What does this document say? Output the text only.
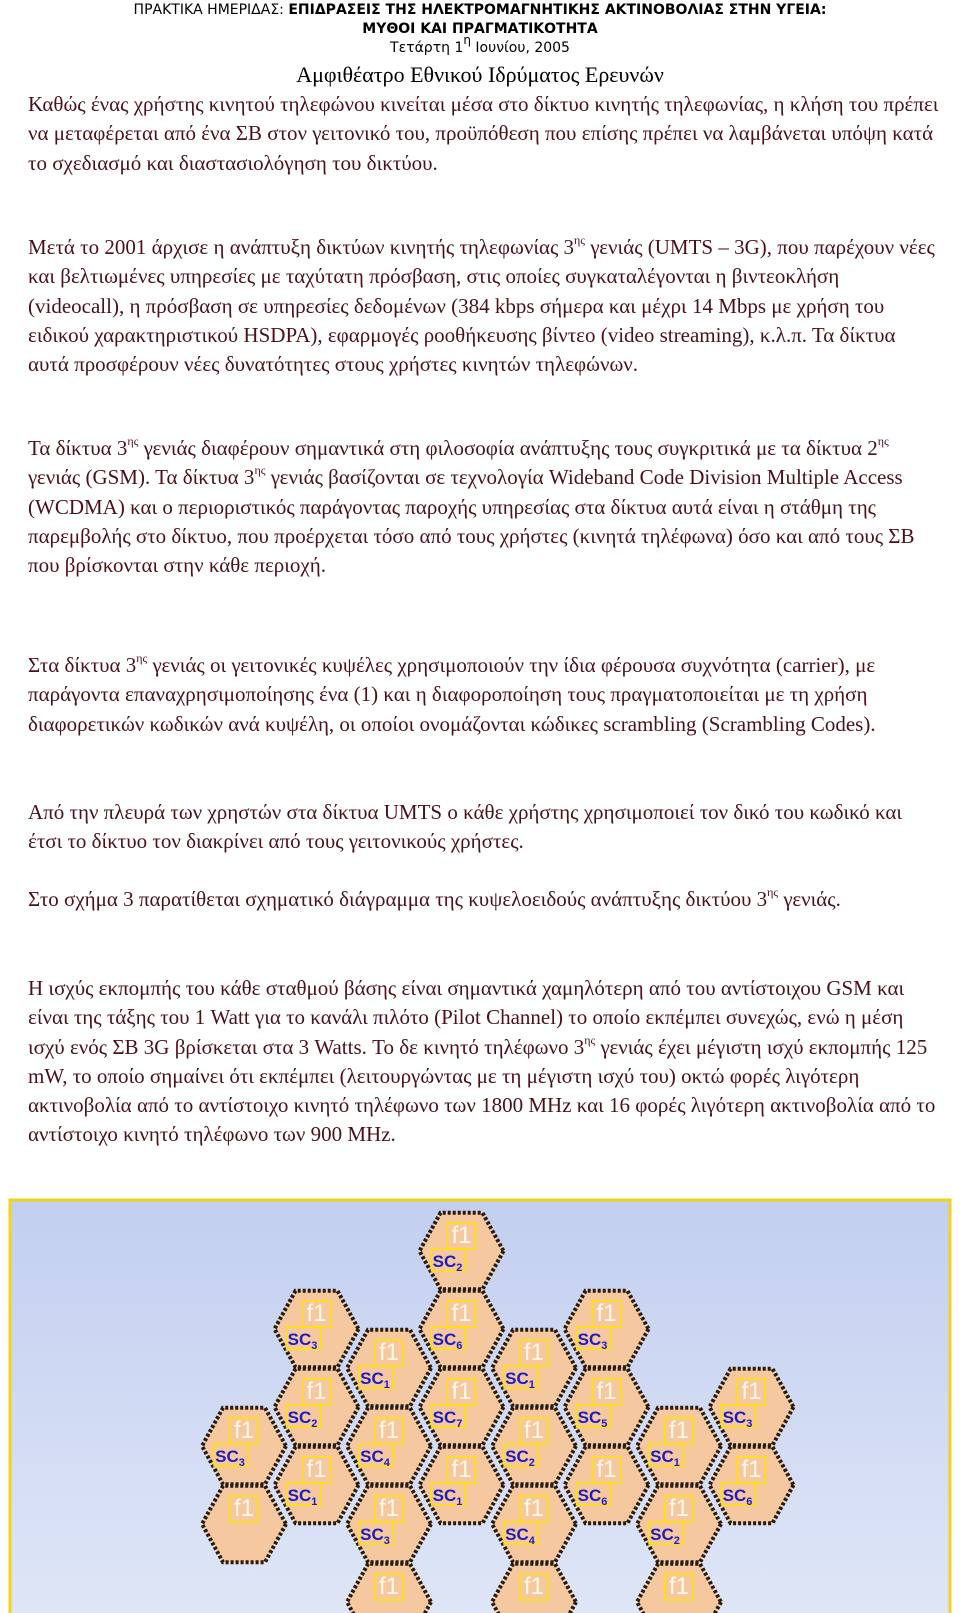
ΠΡΑΚΤΙΚΑ ΗΜΕΡΙΔΑΣ: ΕΠΙΔΡΑΣΕΙΣ ΤΗΣ ΗΛΕΚΤΡΟΜΑΓΝΗΤΙΚΗΣ ΑΚΤΙΝΟΒΟΛΙΑΣ ΣΤΗΝ ΥΓΕΙΑ:
ΜΥΘΟΙ ΚΑΙ ΠΡΑΓΜΑΤΙΚΟΤΗΤΑ
Τετάρτη $1^\eta$ Ιουνίου, 2005
Αμφιθέατρο Εθνικού Ιδρύματος Ερευνών

Καθώς ένας χρήστης κινητού τηλεφώνου κινείται μέσα στο δίκτυο κινητής τηλεφωνίας, η κλήση του πρέπει να μεταφέρεται από ένα ΣΒ στον γειτονικό του, προϋπόθεση που επίσης πρέπει να λαμβάνεται υπόψη κατά το σχεδιασμό και διαστασιολόγηση του δικτύου.

Μετά το 2001 άρχισε η ανάπτυξη δικτύων κινητής τηλεφωνίας $3^{\eta\varsigma}$ γενιάς (UMTS – 3G), που παρέχουν νέες και βελτιωμένες υπηρεσίες με ταχύτατη πρόσβαση, στις οποίες συγκαταλέγονται η βιντεοκλήση (videocall), η πρόσβαση σε υπηρεσίες δεδομένων (384 kbps σήμερα και μέχρι 14 Mbps με χρήση του ειδικού χαρακτηριστικού HSDPA), εφαρμογές ροοθήκευσης βίντεο (video streaming), κ.λ.π. Τα δίκτυα αυτά προσφέρουν νέες δυνατότητες στους χρήστες κινητών τηλεφώνων.

Τα δίκτυα $3^{\eta\varsigma}$ γενιάς διαφέρουν σημαντικά στη φιλοσοφία ανάπτυξης τους συγκριτικά με τα δίκτυα $2^{\eta\varsigma}$ γενιάς (GSM). Τα δίκτυα $3^{\eta\varsigma}$ γενιάς βασίζονται σε τεχνολογία Wideband Code Division Multiple Access (WCDMA) και ο περιοριστικός παράγοντας παροχής υπηρεσίας στα δίκτυα αυτά είναι η στάθμη της παρεμβολής στο δίκτυο, που προέρχεται τόσο από τους χρήστες (κινητά τηλέφωνα) όσο και από τους ΣΒ που βρίσκονται στην κάθε περιοχή.

Στα δίκτυα $3^{\eta\varsigma}$ γενιάς οι γειτονικές κυψέλες χρησιμοποιούν την ίδια φέρουσα συχνότητα (carrier), με παράγοντα επαναχρησιμοποίησης ένα (1) και η διαφοροποίηση τους πραγματοποιείται με τη χρήση διαφορετικών κωδικών ανά κυψέλη, οι οποίοι ονομάζονται κώδικες scrambling (Scrambling Codes).

Από την πλευρά των χρηστών στα δίκτυα UMTS ο κάθε χρήστης χρησιμοποιεί τον δικό του κωδικό και έτσι το δίκτυο τον διακρίνει από τους γειτονικούς χρήστες.

Στο σχήμα 3 παρατίθεται σχηματικό διάγραμμα της κυψελοειδούς ανάπτυξης δικτύου $3^{\eta\varsigma}$ γενιάς.

Η ισχύς εκπομπής του κάθε σταθμού βάσης είναι σημαντικά χαμηλότερη από του αντίστοιχου GSM και είναι της τάξης του 1 Watt για το κανάλι πιλότο (Pilot Channel) το οποίο εκπέμπει συνεχώς, ενώ η μέση ισχύ ενός ΣΒ 3G βρίσκεται στα 3 Watts. Το δε κινητό τηλέφωνο $3^{\eta\varsigma}$ γενιάς έχει μέγιστη ισχύ εκπομπής 125 mW, το οποίο σημαίνει ότι εκπέμπει (λειτουργώντας με τη μέγιστη ισχύ του) οκτώ φορές λιγότερη ακτινοβολία από το αντίστοιχο κινητό τηλέφωνο των 1800 MHz και 16 φορές λιγότερη ακτινοβολία από το αντίστοιχο κινητό τηλέφωνο των 900 MHz.

f1
$SC_3$
f1
f1
$SC_3$
f1
$SC_2$
f1
$SC_1$
f1
$SC_1$
f1
$SC_4$
f1
$SC_3$
f1
f1
$SC_2$
f1
$SC_6$
f1
$SC_7$
f1
$SC_1$
f1
$SC_1$
f1
$SC_2$
f1
$SC_4$
f1
f1
$SC_3$
f1
$SC_5$
f1
$SC_6$
f1
$SC_1$
f1
$SC_2$
f1
f1
$SC_3$
f1
$SC_6$
